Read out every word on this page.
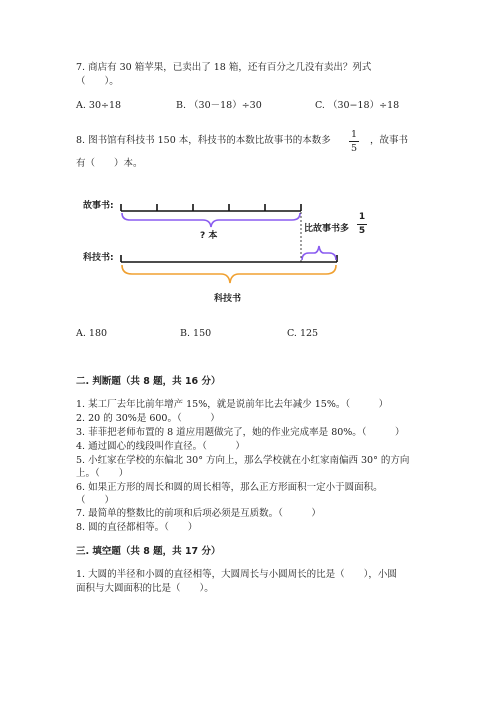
7. 商店有 30 箱苹果，已卖出了 18 箱，还有百分之几没有卖出？列式
（　　）。
A. 30÷18	B. （30－18）÷30	C. （30−18）÷18
8. 图书馆有科技书 150 本，科技书的本数比故事书的本数多
1
5
，故事书
有（　　）本。
故事书:
科技书:
? 本
比故事书多
1
5
科技书
A. 180	B. 150	C. 125
二. 判断题（共 8 题，共 16 分）
1. 某工厂去年比前年增产 15%，就是说前年比去年减少 15%。（　　　）
2. 20 的 30%是 600。（　　　）
3. 菲菲把老师布置的 8 道应用题做完了，她的作业完成率是 80%。（　　　）
4. 通过圆心的线段叫作直径。（　　　）
5. 小红家在学校的东偏北 30° 方向上，那么学校就在小红家南偏西 30° 的方向
上。（　　）
6. 如果正方形的周长和圆的周长相等，那么正方形面积一定小于圆面积。
（　　）
7. 最简单的整数比的前项和后项必须是互质数。（　　　）
8. 圆的直径都相等。（　　）
三. 填空题（共 8 题，共 17 分）
1. 大圆的半径和小圆的直径相等，大圆周长与小圆周长的比是（　　），小圆
面积与大圆面积的比是（　　）。
